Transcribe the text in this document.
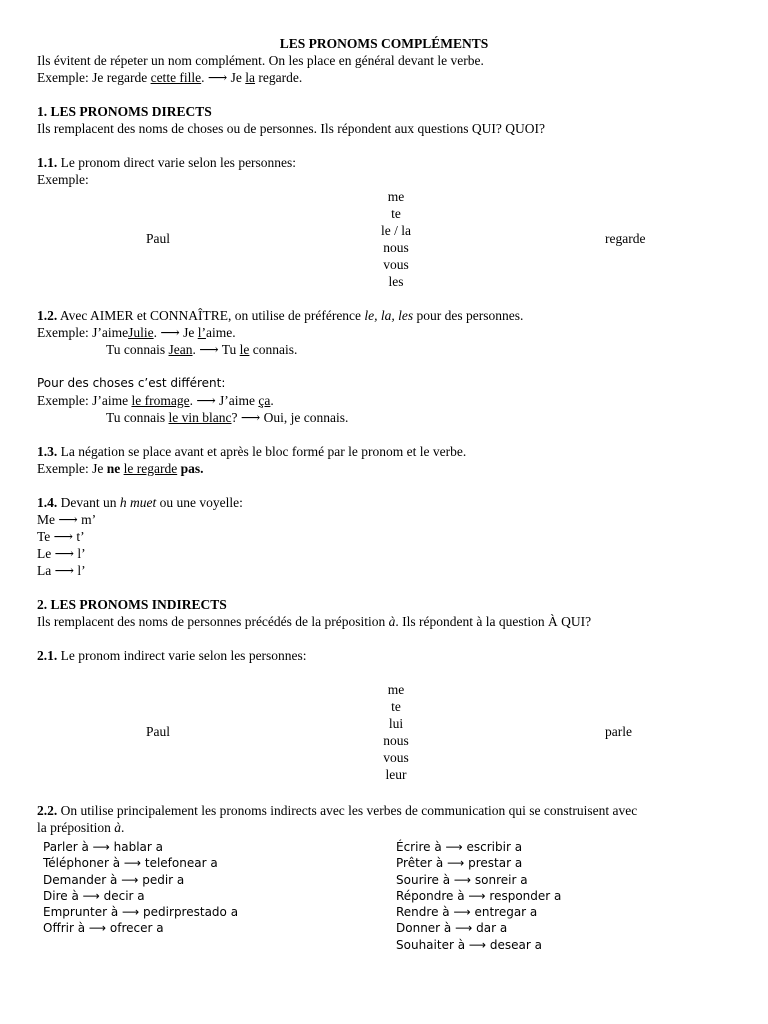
LES PRONOMS COMPLÉMENTS
Ils évitent de répeter un nom complément. On les place en général devant le verbe.
Exemple: Je regarde cette fille. ⟶ Je la regarde.
1. LES PRONOMS DIRECTS
Ils remplacent des noms de choses ou de personnes. Ils répondent aux questions QUI? QUOI?
1.1. Le pronom direct varie selon les personnes:
Exemple:
Paul
me
te
le / la
nous
vous
les
regarde
1.2. Avec AIMER et CONNAÎTRE, on utilise de préférence le, la, les pour des personnes.
Exemple: J’aimeJulie. ⟶ Je l’aime.
Tu connais Jean. ⟶ Tu le connais.
Pour des choses c’est différent:
Exemple: J’aime le fromage. ⟶ J’aime ça.
Tu connais le vin blanc? ⟶ Oui, je connais.
1.3. La négation se place avant et après le bloc formé par le pronom et le verbe.
Exemple: Je ne le regarde pas.
1.4. Devant un h muet ou une voyelle:
Me ⟶ m’
Te ⟶ t’
Le ⟶ l’
La ⟶ l’
2. LES PRONOMS INDIRECTS
Ils remplacent des noms de personnes précédés de la préposition à. Ils répondent à la question À QUI?
2.1. Le pronom indirect varie selon les personnes:
Paul
me
te
lui
nous
vous
leur
parle
2.2. On utilise principalement les pronoms indirects avec les verbes de communication qui se construisent avec
la préposition à.
Parler à ⟶ hablar a
Téléphoner à ⟶ telefonear a
Demander à ⟶ pedir a
Dire à ⟶ decir a
Emprunter à ⟶ pedirprestado a
Offrir à ⟶ ofrecer a
Écrire à ⟶ escribir a
Prêter à ⟶ prestar a
Sourire à ⟶ sonreir a
Répondre à ⟶ responder a
Rendre à ⟶ entregar a
Donner à ⟶ dar a
Souhaiter à ⟶ desear a
